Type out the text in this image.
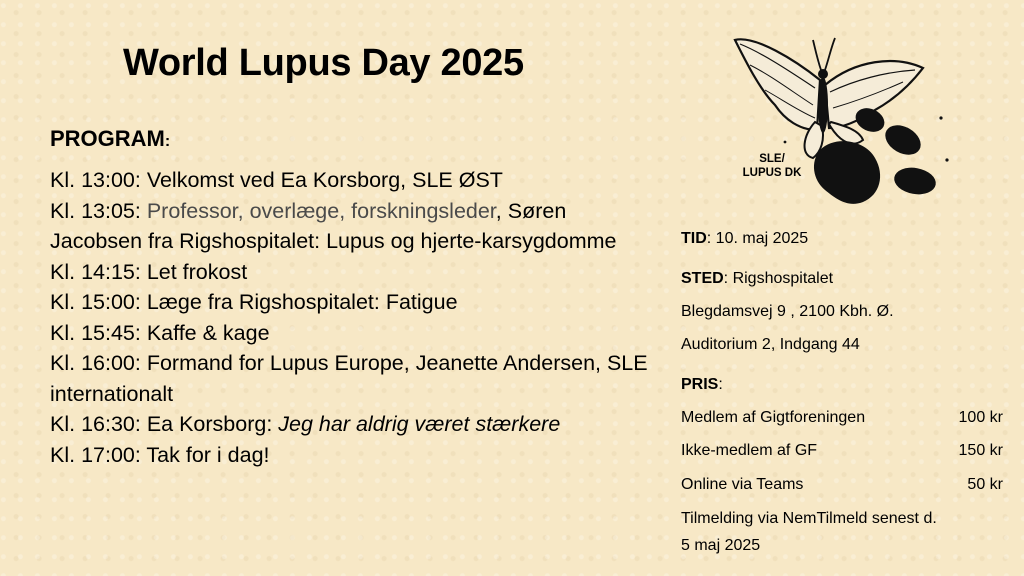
World Lupus Day 2025
PROGRAM:

Kl. 13:00: Velkomst ved Ea Korsborg, SLE ØST

Kl. 13:05: Professor, overlæge, forskningsleder, Søren Jacobsen fra Rigshospitalet: Lupus og hjerte-karsygdomme

Kl. 14:15: Let frokost

Kl. 15:00: Læge fra Rigshospitalet: Fatigue

Kl. 15:45: Kaffe & kage

Kl. 16:00: Formand for Lupus Europe, Jeanette Andersen, SLE internationalt

Kl. 16:30: Ea Korsborg: Jeg har aldrig været stærkere

Kl. 17:00: Tak for i dag!

SLE/
LUPUS DK
TID: 10. maj 2025
STED: Rigshospitalet
Blegdamsvej 9 , 2100 Kbh. Ø.
Auditorium 2, Indgang 44
PRIS:
Medlem af Gigtforeningen	100 kr
Ikke-medlem af GF	150 kr
Online via Teams	50 kr
Tilmelding via NemTilmeld senest d.
5 maj 2025
